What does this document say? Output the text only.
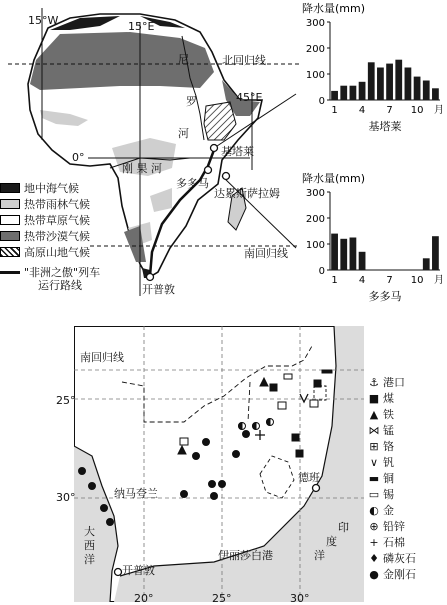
15°W	15°E
45°E
0°
北回归线
南回归线
尼
罗
河
刚 果 河
基塔莱
多多马
达累斯萨拉姆
开普敦
地中海气候
热带雨林气候
热带草原气候
热带沙漠气候
高原山地气候
"非洲之傲"列车
运行路线
降水量(mm)
0
100
200
300
1 4 7 10 月
基塔莱
降水量(mm)
0
100
200
300
1 4 7 10 月
多多马
南回归线
25°
30°
20°	25°	30°
纳马夸兰
大
西
洋
印
度
洋
德班
伊丽莎白港
开普敦
⚓ 港口
■ 煤
▲ 铁
⋈ 锰
⊞ 铬
∨ 钒
▬ 铜
▭ 锡
◐ 金
⊕ 铅锌
+ 石棉
♦ 磷灰石
● 金刚石
